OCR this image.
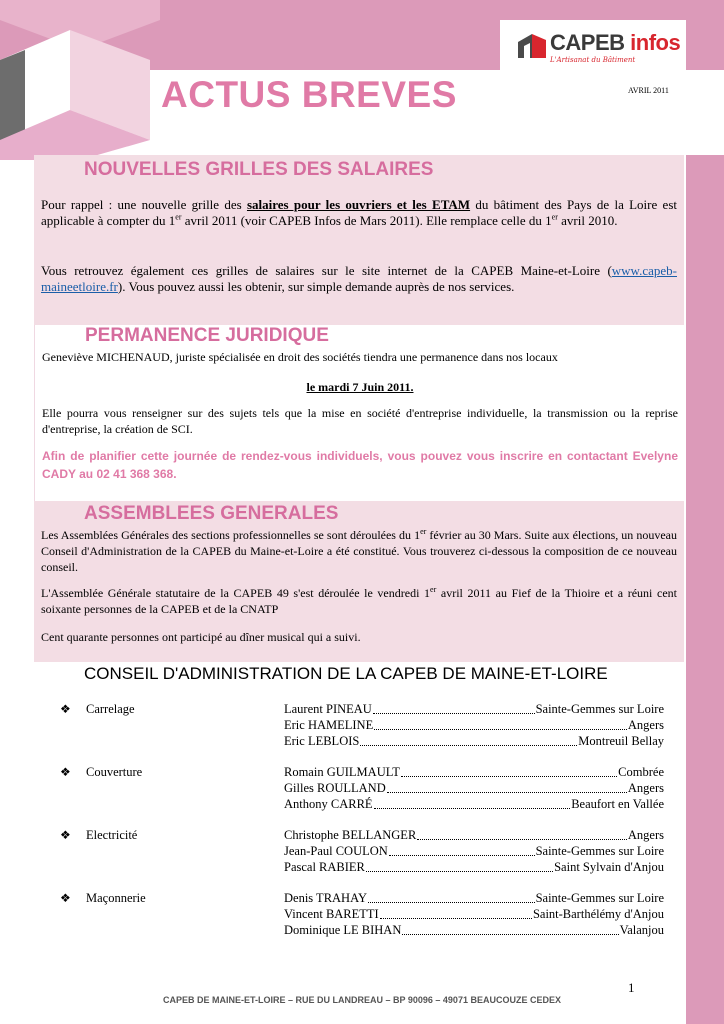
CAPEB infos
L'Artisanat du Bâtiment
ACTUS BREVES	AVRIL 2011
NOUVELLES GRILLES DES SALAIRES

Pour rappel : une nouvelle grille des salaires pour les ouvriers et les ETAM du bâtiment des Pays de la Loire est applicable à compter du 1er avril 2011 (voir CAPEB Infos de Mars 2011). Elle remplace celle du 1er avril 2010.

Vous retrouvez également ces grilles de salaires sur le site internet de la CAPEB Maine-et-Loire (www.capeb-maineetloire.fr). Vous pouvez aussi les obtenir, sur simple demande auprès de nos services.

PERMANENCE JURIDIQUE

Geneviève MICHENAUD, juriste spécialisée en droit des sociétés tiendra une permanence dans nos locaux

le mardi 7 Juin 2011.

Elle pourra vous renseigner sur des sujets tels que la mise en société d'entreprise individuelle, la transmission ou la reprise d'entreprise, la création de SCI.

Afin de planifier cette journée de rendez-vous individuels, vous pouvez vous inscrire en contactant Evelyne CADY au 02 41 368 368.

ASSEMBLEES GENERALES

Les Assemblées Générales des sections professionnelles se sont déroulées du 1er février au 30 Mars. Suite aux élections, un nouveau Conseil d'Administration de la CAPEB du Maine-et-Loire a été constitué. Vous trouverez ci-dessous la composition de ce nouveau conseil.

L'Assemblée Générale statutaire de la CAPEB 49 s'est déroulée le vendredi 1er avril 2011 au Fief de la Thioire et a réuni cent soixante personnes de la CAPEB et de la CNATP

Cent quarante personnes ont participé au dîner musical qui a suivi.

CONSEIL D'ADMINISTRATION DE LA CAPEB DE MAINE-ET-LOIRE
❖ Carrelage	Laurent PINEAU	Sainte-Gemmes sur Loire
Eric HAMELINE	Angers
Eric LEBLOIS	Montreuil Bellay
❖ Couverture	Romain GUILMAULT	Combrée
Gilles ROULLAND	Angers
Anthony CARRÉ	Beaufort en Vallée
❖ Electricité	Christophe BELLANGER	Angers
Jean-Paul COULON	Sainte-Gemmes sur Loire
Pascal RABIER	Saint Sylvain d'Anjou
❖ Maçonnerie	Denis TRAHAY	Sainte-Gemmes sur Loire
Vincent BARETTI	Saint-Barthélémy d'Anjou
Dominique LE BIHAN	Valanjou
1
CAPEB DE MAINE-ET-LOIRE – RUE DU LANDREAU – BP 90096 – 49071 BEAUCOUZE CEDEX
